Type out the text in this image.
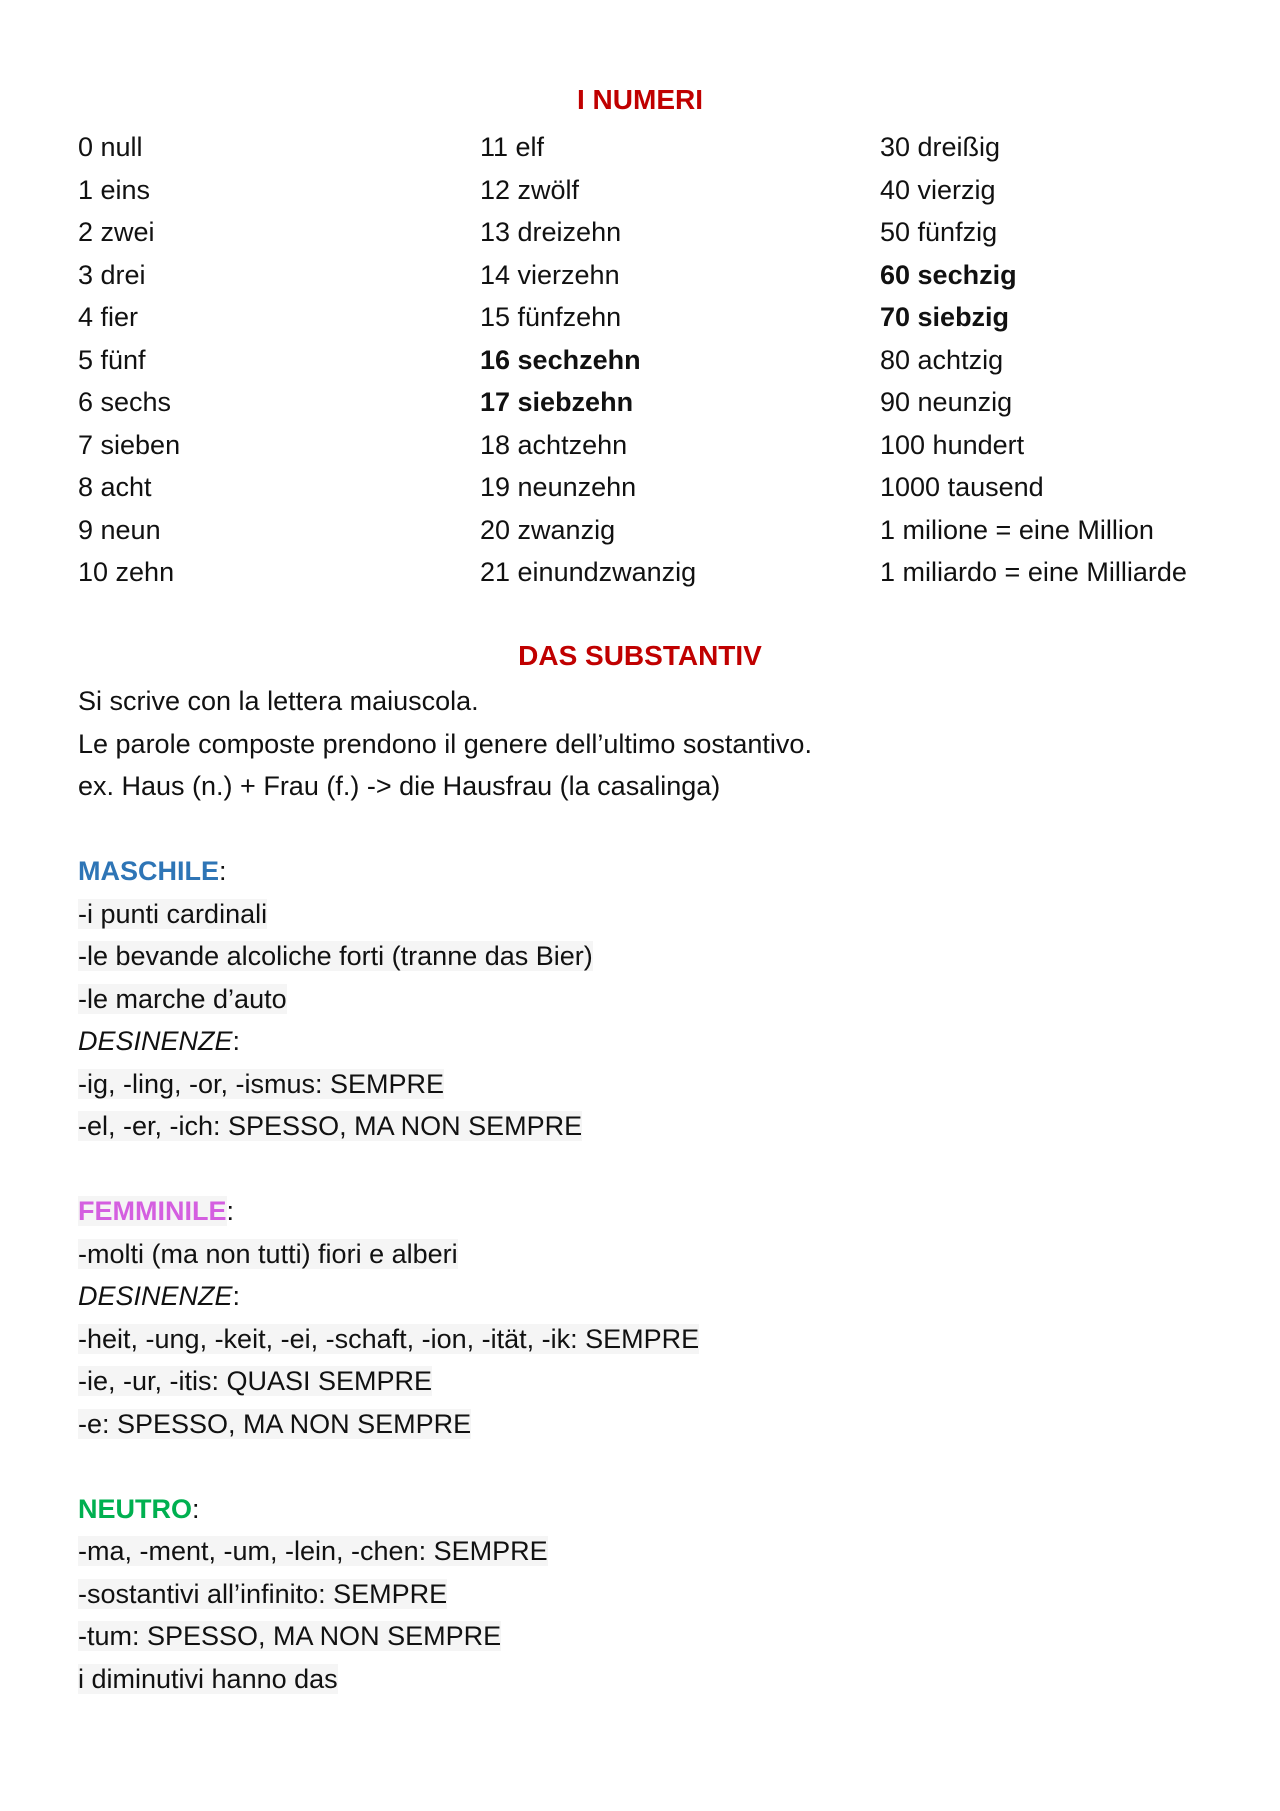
I NUMERI
0 null
1 eins
2 zwei
3 drei
4 fier
5 fünf
6 sechs
7 sieben
8 acht
9 neun
10 zehn
11 elf
12 zwölf
13 dreizehn
14 vierzehn
15 fünfzehn
16 sechzehn
17 siebzehn
18 achtzehn
19 neunzehn
20 zwanzig
21 einundzwanzig
30 dreißig
40 vierzig
50 fünfzig
60 sechzig
70 siebzig
80 achtzig
90 neunzig
100 hundert
1000 tausend
1 milione = eine Million
1 miliardo = eine Milliarde
DAS SUBSTANTIV
Si scrive con la lettera maiuscola.
Le parole composte prendono il genere dell’ultimo sostantivo.
ex. Haus (n.) + Frau (f.) -> die Hausfrau (la casalinga)
MASCHILE:
-i punti cardinali
-le bevande alcoliche forti (tranne das Bier)
-le marche d’auto
DESINENZE:
-ig, -ling, -or, -ismus: SEMPRE
-el, -er, -ich: SPESSO, MA NON SEMPRE
FEMMINILE:
-molti (ma non tutti) fiori e alberi
DESINENZE:
-heit, -ung, -keit, -ei, -schaft, -ion, -ität, -ik: SEMPRE
-ie, -ur, -itis: QUASI SEMPRE
-e: SPESSO, MA NON SEMPRE
NEUTRO:
-ma, -ment, -um, -lein, -chen: SEMPRE
-sostantivi all’infinito: SEMPRE
-tum: SPESSO, MA NON SEMPRE
i diminutivi hanno das
